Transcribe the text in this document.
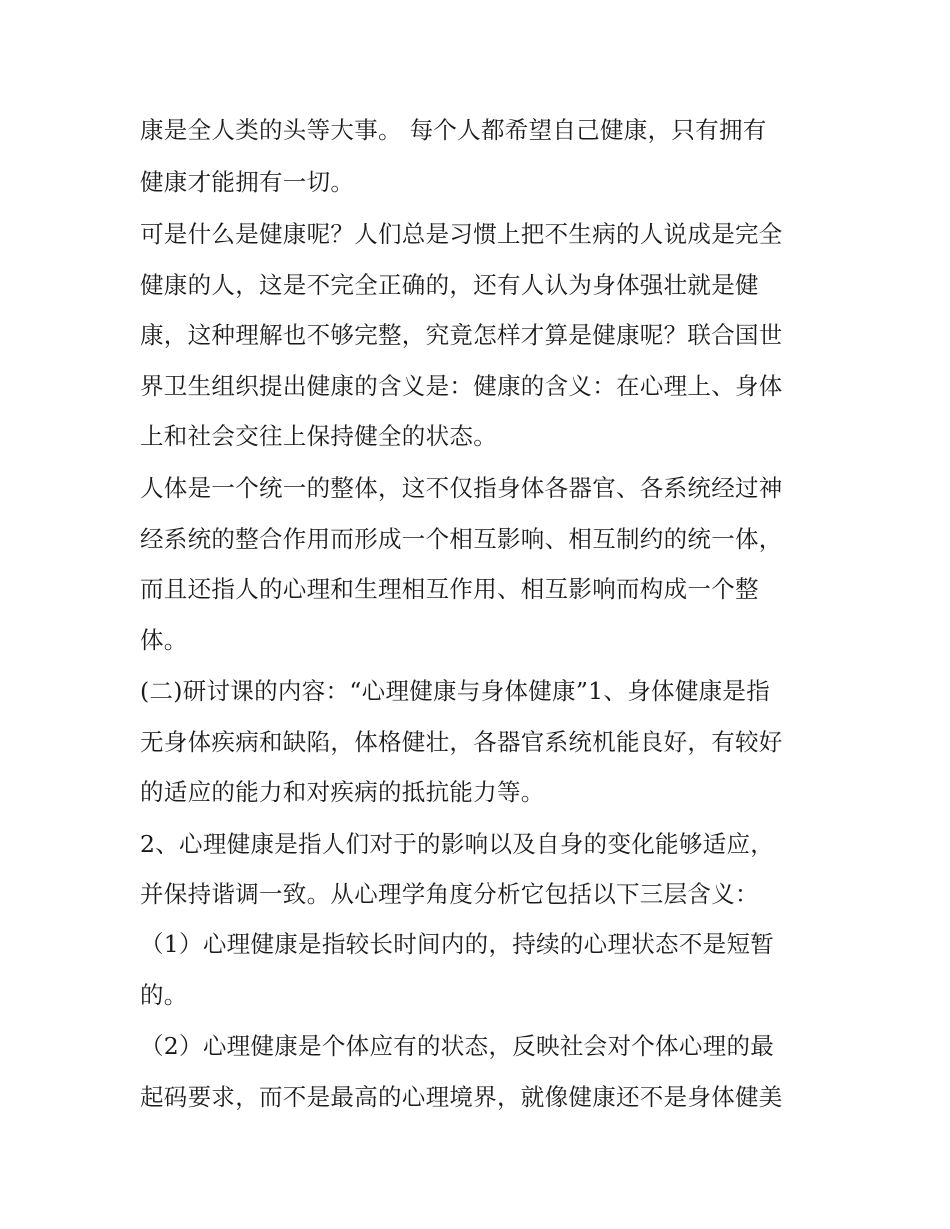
康是全人类的头等大事。 每个人都希望自己健康，只有拥有
健康才能拥有一切。
可是什么是健康呢？人们总是习惯上把不生病的人说成是完全
健康的人，这是不完全正确的，还有人认为身体强壮就是健
康，这种理解也不够完整，究竟怎样才算是健康呢？联合国世
界卫生组织提出健康的含义是：健康的含义：在心理上、身体
上和社会交往上保持健全的状态。
人体是一个统一的整体，这不仅指身体各器官、各系统经过神
经系统的整合作用而形成一个相互影响、相互制约的统一体，
而且还指人的心理和生理相互作用、相互影响而构成一个整
体。
(二)研讨课的内容：“心理健康与身体健康”1、身体健康是指
无身体疾病和缺陷，体格健壮，各器官系统机能良好，有较好
的适应的能力和对疾病的抵抗能力等。
2、心理健康是指人们对于的影响以及自身的变化能够适应，
并保持谐调一致。从心理学角度分析它包括以下三层含义：
（1）心理健康是指较长时间内的，持续的心理状态不是短暂
的。
（2）心理健康是个体应有的状态，反映社会对个体心理的最
起码要求，而不是最高的心理境界，就像健康还不是身体健美
